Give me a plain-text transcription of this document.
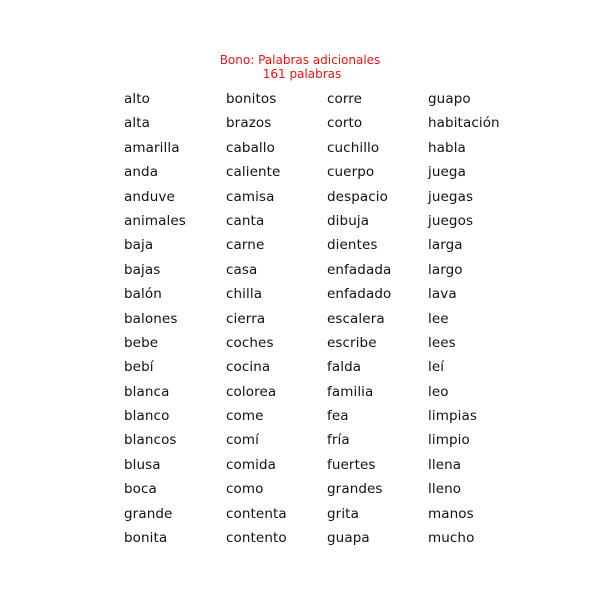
Bono: Palabras adicionales
161 palabras
alto
alta
amarilla
anda
anduve
animales
baja
bajas
balón
balones
bebe
bebí
blanca
blanco
blancos
blusa
boca
grande
bonita
bonitos
brazos
caballo
caliente
camisa
canta
carne
casa
chilla
cierra
coches
cocina
colorea
come
comí
comida
como
contenta
contento
corre
corto
cuchillo
cuerpo
despacio
dibuja
dientes
enfadada
enfadado
escalera
escribe
falda
familia
fea
fría
fuertes
grandes
grita
guapa
guapo
habitación
habla
juega
juegas
juegos
larga
largo
lava
lee
lees
leí
leo
limpias
limpio
llena
lleno
manos
mucho
